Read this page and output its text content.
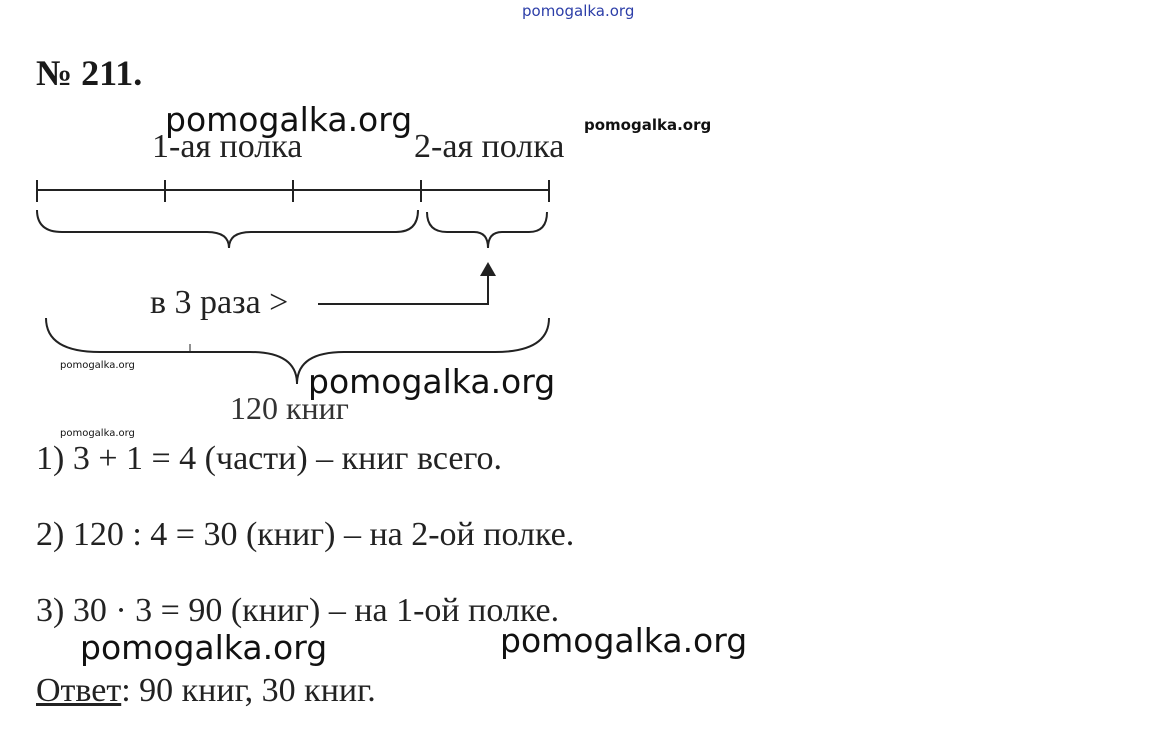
pomogalka.org
№ 211.
1-ая полка	2-ая полка
в 3 раза >
120 книг
1) 3 + 1 = 4 (части) – книг всего.
2) 120 : 4 = 30 (книг) – на 2-ой полке.
3) 30 · 3 = 90 (книг) – на 1-ой полке.
Ответ: 90 книг, 30 книг.
pomogalka.org	pomogalka.org
pomogalka.org	pomogalka.org
pomogalka.org
pomogalka.org	pomogalka.org
